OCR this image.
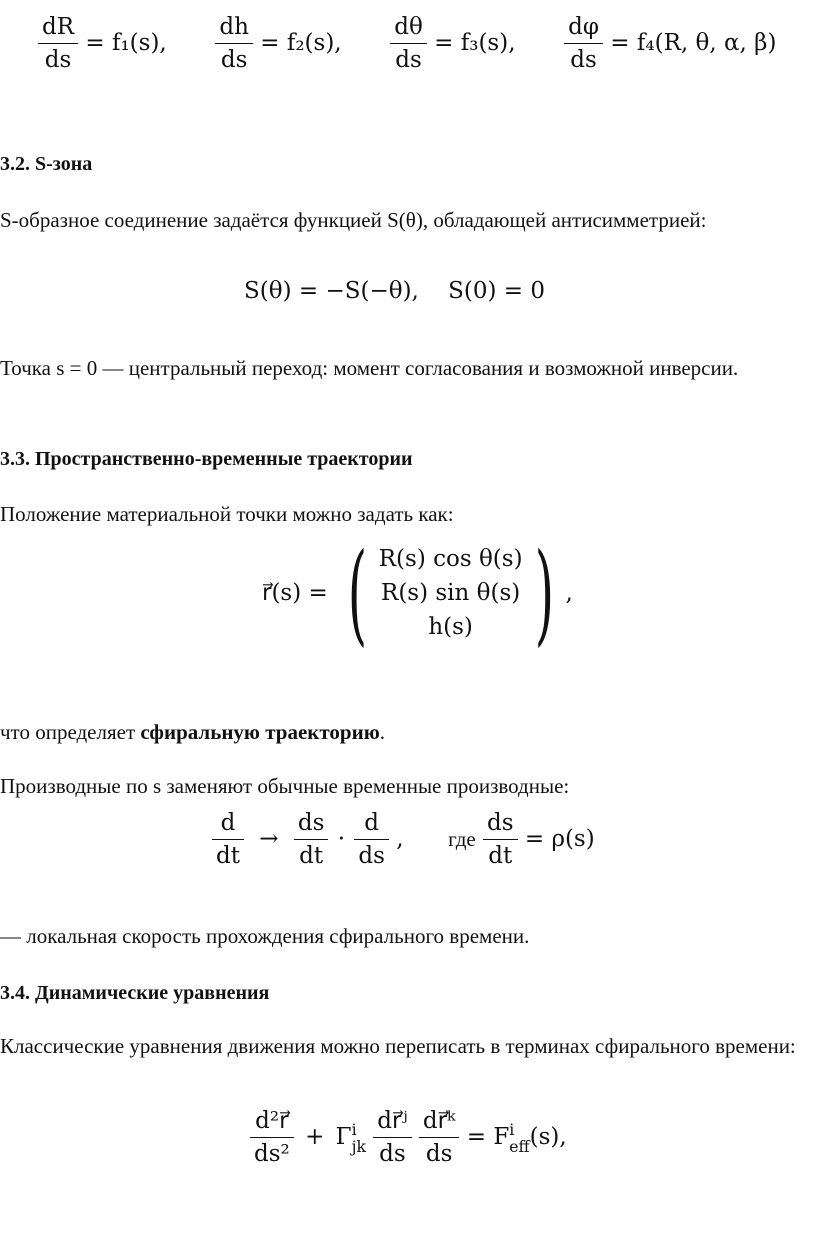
$\frac{dR}{ds} = f_1(s)$, $\frac{dh}{ds} = f_2(s)$, $\frac{d\theta}{ds} = f_3(s)$, $\frac{d\varphi}{ds} = f_4(R$, θ, α, β)
3.2. S-зона
S-образное соединение задаётся функцией S(θ), обладающей антисимметрией:
S(θ) = −S(−θ),    S(0) = 0
Точка s = 0 — центральный переход: момент согласования и возможной инверсии.
3.3. Пространственно-временные траектории
Положение материальной точки можно задать как:
r⃗(s) = ( R(s) cos θ(s)
R(s) sin θ(s)
h(s) ) ,
что определяет сфиральную траекторию.
Производные по s заменяют обычные временные производные:
$\frac{d}{dt} \to \frac{ds}{dt} \cdot \frac{d}{ds}$ , где $\frac{ds}{dt} = \rho(s)$
— локальная скорость прохождения сфирального времени.
3.4. Динамические уравнения
Классические уравнения движения можно переписать в терминах сфирального времени:
$\frac{\text{d²r⃗}}{\text{ds²}} + \Gamma$ i
jk
$\frac{\text{dr⃗ʲ}}{ds}$
$\frac{\text{dr⃗ᵏ}}{ds} = F$ i
eff (s),
